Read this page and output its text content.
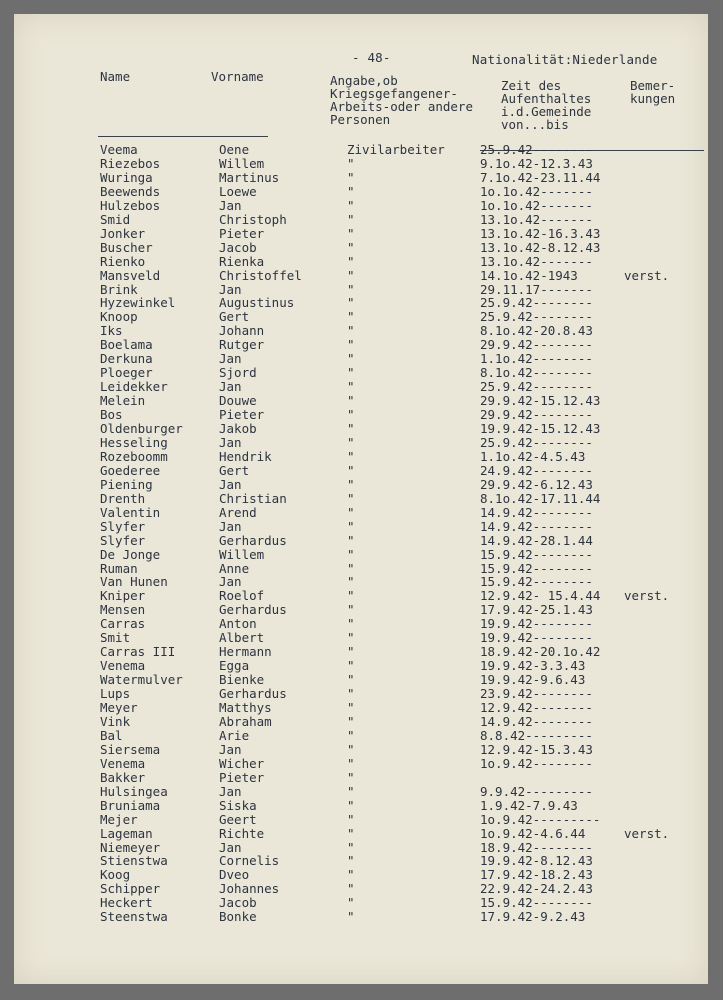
- 48-	Nationalität:Niederlande
Name	Vorname	Angabe,ob
Kriegsgefangener-
Arbeits-oder andere
Personen
Zeit des
Aufenthaltes
i.d.Gemeinde
von...bis
Bemer-
kungen
Veema	Oene	Zivilarbeiter	25.9.42--------
Riezebos	Willem	"	9.1o.42-12.3.43
Wuringa	Martinus	"	7.1o.42-23.11.44
Beewends	Loewe	"	1o.1o.42-------
Hulzebos	Jan	"	1o.1o.42-------
Smid	Christoph	"	13.1o.42-------
Jonker	Pieter	"	13.1o.42-16.3.43
Buscher	Jacob	"	13.1o.42-8.12.43
Rienko	Rienka	"	13.1o.42-------
Mansveld	Christoffel	"	14.1o.42-1943	verst.
Brink	Jan	"	29.11.17-------
Hyzewinkel	Augustinus	"	25.9.42--------
Knoop	Gert	"	25.9.42--------
Iks	Johann	"	8.1o.42-20.8.43
Boelama	Rutger	"	29.9.42--------
Derkuna	Jan	"	1.1o.42--------
Ploeger	Sjord	"	8.1o.42--------
Leidekker	Jan	"	25.9.42--------
Melein	Douwe	"	29.9.42-15.12.43
Bos	Pieter	"	29.9.42--------
Oldenburger	Jakob	"	19.9.42-15.12.43
Hesseling	Jan	"	25.9.42--------
Rozeboomm	Hendrik	"	1.1o.42-4.5.43
Goederee	Gert	"	24.9.42--------
Piening	Jan	"	29.9.42-6.12.43
Drenth	Christian	"	8.1o.42-17.11.44
Valentin	Arend	"	14.9.42--------
Slyfer	Jan	"	14.9.42--------
Slyfer	Gerhardus	"	14.9.42-28.1.44
De Jonge	Willem	"	15.9.42--------
Ruman	Anne	"	15.9.42--------
Van Hunen	Jan	"	15.9.42--------
Kniper	Roelof	"	12.9.42- 15.4.44 verst.
Mensen	Gerhardus	"	17.9.42-25.1.43
Carras	Anton	"	19.9.42--------
Smit	Albert	"	19.9.42--------
Carras III	Hermann	"	18.9.42-20.1o.42
Venema	Egga	"	19.9.42-3.3.43
Watermulver	Bienke	"	19.9.42-9.6.43
Lups	Gerhardus	"	23.9.42--------
Meyer	Matthys	"	12.9.42--------
Vink	Abraham	"	14.9.42--------
Bal	Arie	"	8.8.42---------
Siersema	Jan	"	12.9.42-15.3.43
Venema	Wicher	"	1o.9.42--------
Bakker	Pieter	"
Hulsingea	Jan	"	9.9.42---------
Bruniama	Siska	"	1.9.42-7.9.43
Mejer	Geert	"	1o.9.42---------
Lageman	Richte	"	1o.9.42-4.6.44	verst.
Niemeyer	Jan	"	18.9.42--------
Stienstwa	Cornelis	"	19.9.42-8.12.43
Koog	Dveo	"	17.9.42-18.2.43
Schipper	Johannes	"	22.9.42-24.2.43
Heckert	Jacob	"	15.9.42--------
Steenstwa	Bonke	"	17.9.42-9.2.43
